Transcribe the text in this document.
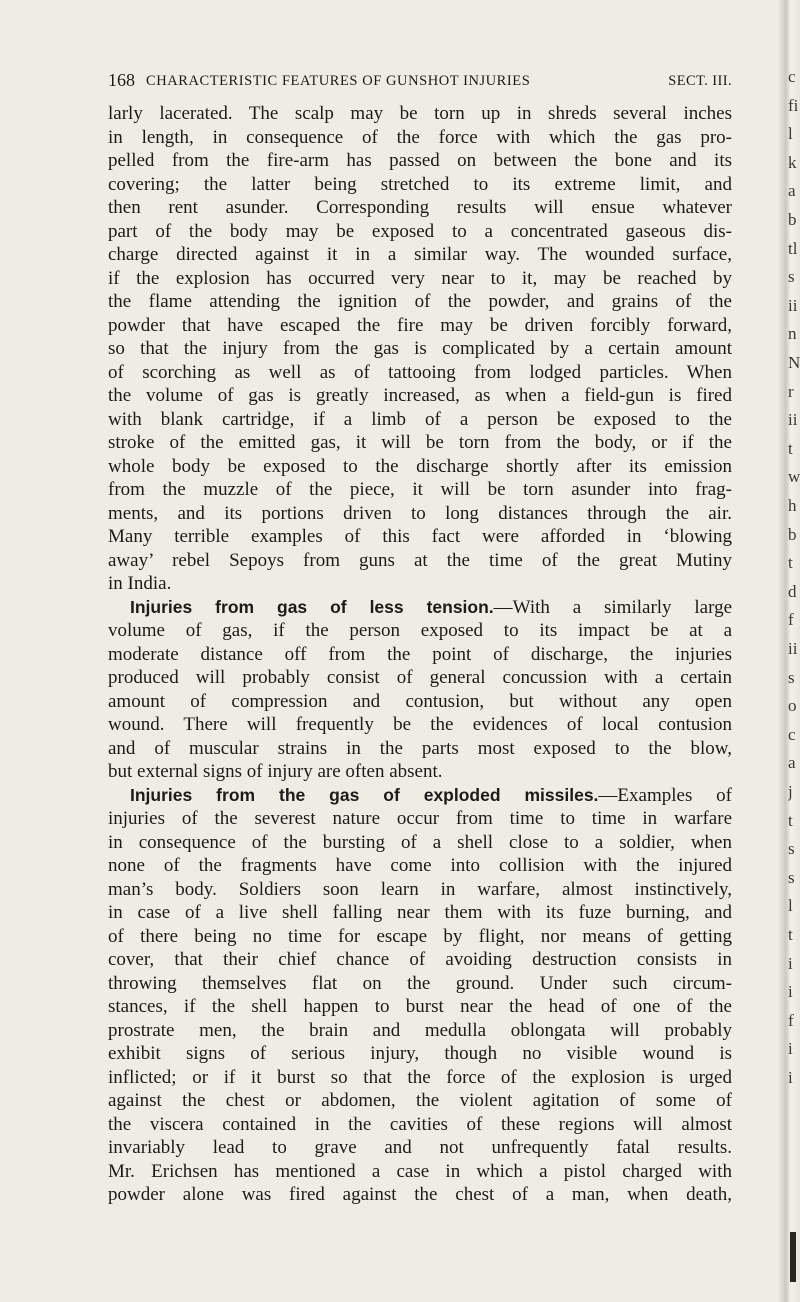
168 CHARACTERISTIC FEATURES OF GUNSHOT INJURIES	SECT. III.
larly lacerated. The scalp may be torn up in shreds several inches
in length, in consequence of the force with which the gas pro-
pelled from the fire-arm has passed on between the bone and its
covering; the latter being stretched to its extreme limit, and
then rent asunder. Corresponding results will ensue whatever
part of the body may be exposed to a concentrated gaseous dis-
charge directed against it in a similar way. The wounded surface,
if the explosion has occurred very near to it, may be reached by
the flame attending the ignition of the powder, and grains of the
powder that have escaped the fire may be driven forcibly forward,
so that the injury from the gas is complicated by a certain amount
of scorching as well as of tattooing from lodged particles. When
the volume of gas is greatly increased, as when a field-gun is fired
with blank cartridge, if a limb of a person be exposed to the
stroke of the emitted gas, it will be torn from the body, or if the
whole body be exposed to the discharge shortly after its emission
from the muzzle of the piece, it will be torn asunder into frag-
ments, and its portions driven to long distances through the air.
Many terrible examples of this fact were afforded in ‘blowing
away’ rebel Sepoys from guns at the time of the great Mutiny
in India.
Injuries from gas of less tension.—With a similarly large
volume of gas, if the person exposed to its impact be at a
moderate distance off from the point of discharge, the injuries
produced will probably consist of general concussion with a certain
amount of compression and contusion, but without any open
wound. There will frequently be the evidences of local contusion
and of muscular strains in the parts most exposed to the blow,
but external signs of injury are often absent.
Injuries from the gas of exploded missiles.—Examples of
injuries of the severest nature occur from time to time in warfare
in consequence of the bursting of a shell close to a soldier, when
none of the fragments have come into collision with the injured
man’s body. Soldiers soon learn in warfare, almost instinctively,
in case of a live shell falling near them with its fuze burning, and
of there being no time for escape by flight, nor means of getting
cover, that their chief chance of avoiding destruction consists in
throwing themselves flat on the ground. Under such circum-
stances, if the shell happen to burst near the head of one of the
prostrate men, the brain and medulla oblongata will probably
exhibit signs of serious injury, though no visible wound is
inflicted; or if it burst so that the force of the explosion is urged
against the chest or abdomen, the violent agitation of some of
the viscera contained in the cavities of these regions will almost
invariably lead to grave and not unfrequently fatal results.
Mr. Erichsen has mentioned a case in which a pistol charged with
powder alone was fired against the chest of a man, when death,
c
fi
l
k
a
b
tl
s
ii
n
N
r
ii
t
w
h
b
t
d
f
ii
s
o
c
a
j
t
s
s
l
t
i
i
f
i
i
